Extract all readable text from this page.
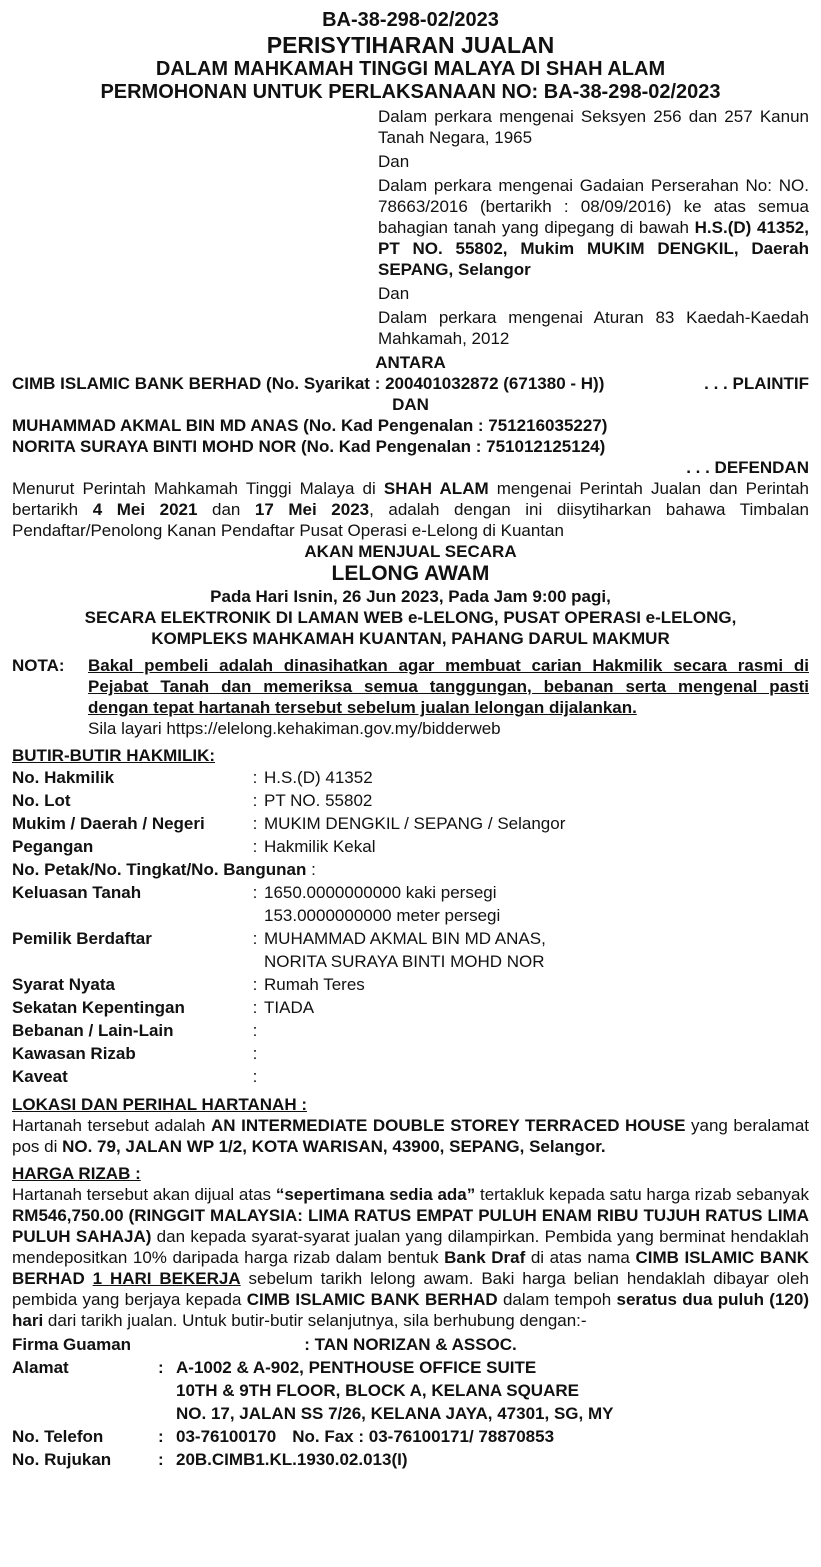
BA-38-298-02/2023
PERISYTIHARAN JUALAN
DALAM MAHKAMAH TINGGI MALAYA DI SHAH ALAM
PERMOHONAN UNTUK PERLAKSANAAN NO: BA-38-298-02/2023

Dalam perkara mengenai Seksyen 256 dan 257 Kanun Tanah Negara, 1965

Dan

Dalam perkara mengenai Gadaian Perserahan No: NO. 78663/2016 (bertarikh : 08/09/2016) ke atas semua bahagian tanah yang dipegang di bawah H.S.(D) 41352, PT NO. 55802, Mukim MUKIM DENGKIL, Daerah SEPANG, Selangor

Dan

Dalam perkara mengenai Aturan 83 Kaedah-Kaedah Mahkamah, 2012

ANTARA
CIMB ISLAMIC BANK BERHAD (No. Syarikat : 200401032872 (671380 - H))	. . . PLAINTIF
DAN
MUHAMMAD AKMAL BIN MD ANAS (No. Kad Pengenalan : 751216035227)
NORITA SURAYA BINTI MOHD NOR (No. Kad Pengenalan : 751012125124)
. . . DEFENDAN
Menurut Perintah Mahkamah Tinggi Malaya di SHAH ALAM mengenai Perintah Jualan dan Perintah bertarikh 4 Mei 2021 dan 17 Mei 2023, adalah dengan ini diisytiharkan bahawa Timbalan Pendaftar/Penolong Kanan Pendaftar Pusat Operasi e-Lelong di Kuantan
AKAN MENJUAL SECARA
LELONG AWAM
Pada Hari Isnin, 26 Jun 2023, Pada Jam 9:00 pagi,
SECARA ELEKTRONIK DI LAMAN WEB e-LELONG, PUSAT OPERASI e-LELONG,
KOMPLEKS MAHKAMAH KUANTAN, PAHANG DARUL MAKMUR
NOTA:	Bakal pembeli adalah dinasihatkan agar membuat carian Hakmilik secara rasmi di Pejabat Tanah dan memeriksa semua tanggungan, bebanan serta mengenal pasti dengan tepat hartanah tersebut sebelum jualan lelongan dijalankan.
Sila layari https://elelong.kehakiman.gov.my/bidderweb
BUTIR-BUTIR HAKMILIK:
No. Hakmilik	:	H.S.(D) 41352

No. Lot	:	PT NO. 55802

Mukim / Daerah / Negeri	:	MUKIM DENGKIL / SEPANG / Selangor

Pegangan	:	Hakmilik Kekal

No. Petak/No. Tingkat/No. Bangunan :		
Keluasan Tanah	:	1650.0000000000 kaki persegi
153.0000000000 meter persegi

Pemilik Berdaftar	:	MUHAMMAD AKMAL BIN MD ANAS,
NORITA SURAYA BINTI MOHD NOR

Syarat Nyata	:	Rumah Teres

Sekatan Kepentingan	:	TIADA

Bebanan / Lain-Lain	:	

Kawasan Rizab	:	

Kaveat	:	
LOKASI DAN PERIHAL HARTANAH :
Hartanah tersebut adalah AN INTERMEDIATE DOUBLE STOREY TERRACED HOUSE yang beralamat pos di NO. 79, JALAN WP 1/2, KOTA WARISAN, 43900, SEPANG, Selangor.
HARGA RIZAB :
Hartanah tersebut akan dijual atas “sepertimana sedia ada” tertakluk kepada satu harga rizab sebanyak RM546,750.00 (RINGGIT MALAYSIA: LIMA RATUS EMPAT PULUH ENAM RIBU TUJUH RATUS LIMA PULUH SAHAJA) dan kepada syarat-syarat jualan yang dilampirkan. Pembida yang berminat hendaklah mendepositkan 10% daripada harga rizab dalam bentuk Bank Draf di atas nama CIMB ISLAMIC BANK BERHAD 1 HARI BEKERJA sebelum tarikh lelong awam. Baki harga belian hendaklah dibayar oleh pembida yang berjaya kepada CIMB ISLAMIC BANK BERHAD dalam tempoh seratus dua puluh (120) hari dari tarikh jualan. Untuk butir-butir selanjutnya, sila berhubung dengan:-
Firma Guaman	: TAN NORIZAN & ASSOC.
Alamat	:	A-1002 & A-902, PENTHOUSE OFFICE SUITE
10TH & 9TH FLOOR, BLOCK A, KELANA SQUARE
NO. 17, JALAN SS 7/26, KELANA JAYA, 47301, SG, MY

No. Telefon	:	03-76100170 No. Fax : 03-76100171/ 78870853
No. Rujukan	:	20B.CIMB1.KL.1930.02.013(I)
